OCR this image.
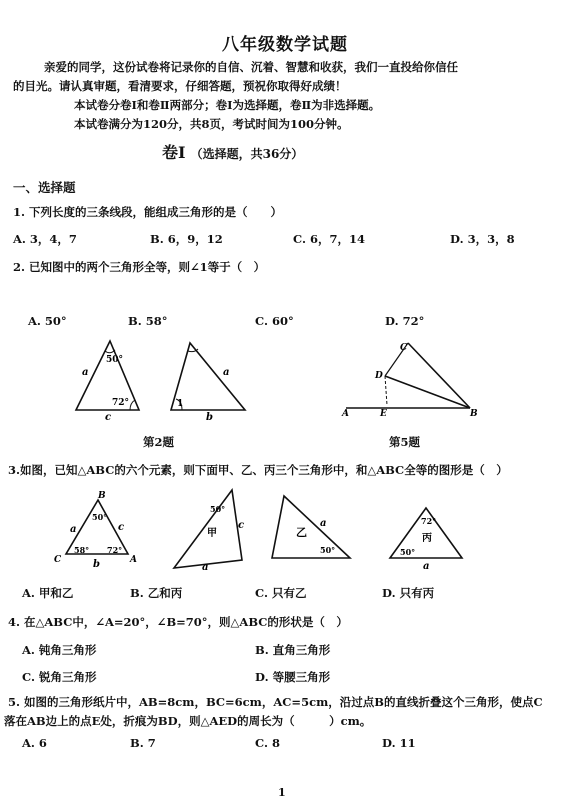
八年级数学试题
亲爱的同学，这份试卷将记录你的自信、沉着、智慧和收获，我们一直投给你信任
的目光。请认真审题，看清要求，仔细答题，预祝你取得好成绩！
本试卷分卷Ⅰ和卷Ⅱ两部分；卷Ⅰ为选择题，卷Ⅱ为非选择题。
本试卷满分为120分，共8页，考试时间为100分钟。
卷Ⅰ （选择题，共36分）
一、选择题
1. 下列长度的三条线段，能组成三角形的是（　　）
A. 3，4，7	B. 6，9，12	C. 6，7，14	D. 3，3，8
2. 已知图中的两个三角形全等，则∠1等于（　）
A. 50°	B. 58°	C. 60°	D. 72°
50°
72°
a
c
a
1
b
第2题
C
D
A	E	B
第5题
3.如图，已知△ABC的六个元素，则下面甲、乙、丙三个三角形中，和△ABC全等的图形是（　）
B
C	A
a	c
b
50°
58° 72°
50°
c
甲
a
乙
a
50°
72°
丙
50°
a
A. 甲和乙	B. 乙和丙	C. 只有乙	D. 只有丙
4. 在△ABC中，∠A=20°，∠B=70°，则△ABC的形状是（　）
A. 钝角三角形	B. 直角三角形
C. 锐角三角形	D. 等腰三角形
5. 如图的三角形纸片中，AB=8cm，BC=6cm，AC=5cm，沿过点B的直线折叠这个三角形，使点C
落在AB边上的点E处，折痕为BD，则△AED的周长为（　　　）cm。
A. 6	B. 7	C. 8	D. 11
1
